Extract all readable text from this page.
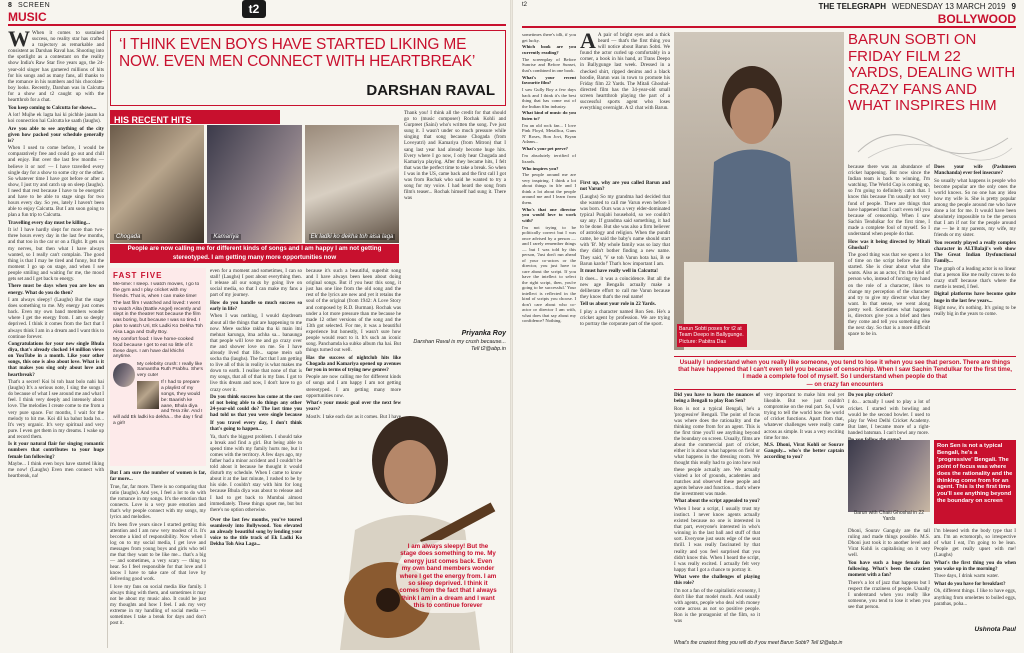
8 SCREEN
MUSIC
t2

W When it comes to sustained success, no reality star has crafted a trajectory as remarkable and consistent as Darshan Raval has. Shooting into the spotlight as a contestant on the reality show India's Raw Star five years ago, the 24-year-old singer has garnered millions of hits for his songs and as many fans, all thanks to the romance in his numbers and his chocolate-boy looks. Recently, Darshan was in Calcutta for a show and t2 caught up with the heartthrob for a chat.

You keep coming to Calcutta for shows...

A lot! Mujhe ek lagta hai ki pichhle janam ka koi connection hai Calcutta ke saath (laughs).

Are you able to see anything of the city given how packed your schedule generally is?

When I used to come before, I would be comparatively free and could go out and chill and enjoy. But over the last few months — believe it or not! — I have travelled every single day for a show to some city or the other. So whatever time I have got before or after a show, I just try and catch up on sleep (laughs). I need that rest because I have to be energetic and have to be able to stage sings for two hours every day. So yes, lately I haven't been able to enjoy Calcutta. But I am soon going to plan a fun trip to Calcutta.

Travelling every day must be killing...

It is! I have hardly slept for more than two-three hours every day in the last few months, and that too in the car or on a flight. It gets on my nerves, but then what I have always wanted, so I really can't complain. The good thing is that I may be tired and funny, but the moment I go up on stage, and when I see people smiling and waiting for me, the mood gets set and I get back to energy.

There must be days when you are low on energy. What do you do then?

I am always sleepy! (Laughs) But the stage does something to me. My energy just comes back. Even my own band members wonder where I get the energy from. I am so deeply deprived. I think it comes from the fact that I always think I am in a dream and I want this to continue forever.

Congratulations for your new single Bhula diya, that's already clocked 14 million views on YouTube in a month. Like your other songs, this one is also about love. What is it that makes you sing only about love and heartbreak?

That's a secret! Koi bi toh baat bolo nahi hai (laughs) It's a serious note, I sing the songs I do because of what I see around me and what I feel. I think very deeply and intensely about love. The melodies I create come to me from a very pure space. For months, I wait for the melody to hit me. Koi dil ka bahut bada ho... It's very organic. It's very spiritual and very pure. I even get them in my dreams. I wake up and record them.

Is it your natural flair for singing romantic numbers that contributes to your huge female fan following?

Maybe... I think even boys have started liking me now! (Laughs) Even men connect with heartbreak, na!

‘I THINK EVEN BOYS HAVE STARTED LIKING ME NOW. EVEN MEN CONNECT WITH HEARTBREAK’
DARSHAN RAVAL
HIS RECENT HITS
Chogada	Kamariya	Ek ladki ko dekha toh aisa laga
People are now calling me for different kinds of songs and I am happy I am not getting stereotyped. I am getting many more opportunities now

Thank you! I think all the credit for that should go to (music composer) Rochak Kohli and Gurpreet (Saini) who's written the song. I've just sung it. I wasn't under so much pressure while singing that song because Chogada (from Loveyatri) and Kamariya (from Mitron) that I sang last year had already become huge hits. Every where I go now, I only hear Chogada and Kamariya playing. After they became hits, I felt that was the perfect time to take a break. So when I was in the US, came back and the first call I got was from Rochak who said he wanted to try a song for my voice. I had heard the song from film's teaser... Rochak himself had sung it. There was

FAST FIVE

Me-time: I sleep. I watch movies, I go to the gym and I play cricket with my friends. That is, when I can make time!

The last film I watched and loved: I went to watch Alita (Battle Angel) recently and slept in the theatre! Not because the film was boring, but because I was so tired. I plan to watch Uri, Ek Ladki Ko Dekha Toh Aisa Laga and Gully Boy.

My comfort food: I love home-cooked food because I get to eat so little of it these days. I am have dal khichri anytime.

My celebrity crush: I really like Samantha Ruth Prabhu. She's very cute!

If I had to prepare a playlist of my songs, they would be: Baarish ke aane, Bhula diya and Tera zikr. And I will add Ek ladki ko dekha... the day I find a girl!

But I am sure the number of women is far, far more...

True, far, far more. There is no comparing that ratio (laughs). And yes, I feel a lot to do with the romance in my songs. It's the emotion that connects. Love is a very pure emotion and that's why people connect with my songs, my lyrics and melodies.

It's been five years since I started getting this attention and I am now very modest of it. It's become a kind of responsibility. Now when I log on to my social media, I get love and messages from young boys and girls who tell me that they want to be like me... that's a big — and sometimes, a very scary — thing to hear. So I feel responsible for that love and I know I have to take care of that love by delivering good work.

I love my fans on social media like family. I always thing with them, and sometimes it may not be about my music also. It could be just my thoughts and how I feel. I ask my very extreme in my handling of social media — sometimes I take a break for days and don't post it.

even for a moment and sometimes, I can so stall! (Laughs) I post about everything then. I release all our songs by going live on social media, so that I can make my fans a part of my journey.

How do you handle so much success so early in life?

When I was nothing, I would daydream about all the things that are happening to me now. Mere suchke rakha tha ki main itni mehnat karunga, itna achha sa... banaunga that people will love me and go crazy over me and shower love on me. So I have already lived that life... sapne mein sab socha tha (laughs). The fact that I am getting to live all of this in reality is what makes me down to earth. I realise that none of that is my songs, that all of that is my fans. I got to live this dream and now, I don't have to go crazy over it.

Do you think success has come at the cost of not being able to do things any other 24-year-old could do? The last time you had told us that you were single because

because it's such a beautiful, superhit song and I have always been keen about doing original songs. But if you hear this song, it just has one line from the old song and the rest of the lyrics are new and yet it retains the soul of the original (from 1942: A Love Story and composed by R.D. Burman). Rochak was under a lot more pressure than me because he made 12 other versions of the song and the 13th got selected. For me, it was a beautiful experience but honestly, I wasn't sure how people would react to it. It's such an iconic song. Panchamda ka subko album rha hai. But things turned out well.

Has the success of nightclub hits like Chogada and Kamariya opened up avenues for you in terms of trying new genres?

People are now calling me for different kinds of songs and I am happy I am not getting stereotyped. I am getting many more opportunities now.

What's your music goal over the next few years?

Mostly, I take each day as it comes. But I have

Priyanka Roy
Darshan Raval is my crush because... Tell t2@abp.in

If you travel every day, I don't think that's going to happen...

Ya, that's the biggest problem. I should take a break and find a girl. But being able to spend time with my family hurts me, but it comes with the territory. A few days ago, my father had a minor accident and I couldn't be told about it because he thought it would disturb my schedule. When I came to know about it at the last minute, I rushed to be by his side. I couldn't stay with him for long because Bhula diya was about to release and I had to get back to Mumbai almost immediately. These things upset me, but but there's no option otherwise.

Over the last few months, you've toured seamlessly into Bollywood. You elevated an already beautiful song by lending your voice to the title track of Ek Ladki Ko Dekha Toh Aisa Laga...	I am always sleepy! But the stage does something to me. My energy just comes back. Even my own band members wonder where I get the energy from. I am so sleep deprived. I think it comes from the fact that I always think I am in a dream and I want this to continue forever
t2	THE TELEGRAPH WEDNESDAY 13 MARCH 2019 9
BOLLYWOOD

A A pair of bright eyes and a thick beard — that's the first thing you will notice about Barun Sobti. We found the actor curled up comfortably in a corner, a book in his hand, at Trans Deepo in Ballygunge last week. Dressed in a checked shirt, ripped denims and a black hoodie, Barun was in town to promote his Friday film 22 Yards. The Mitali Ghoshal-directed film has the 34-year-old small screen heartthrob playing the part of a successful sports agent who loses everything overnight. A t2 chat with Barun.

First up, why are you called Barun and not Varun?

(Laughs) So my grandma had decided that she wanted to call me Varun even before I was born. Ours was a very elder-dominated typical Punjabi household, so we couldn't say any. If grandma said something, it had to be done. But she was also a firm believer of astrology and religion. When the pundit came, he said the baby's name should start with 'B'. My whole family was so lazy that they didn't bother finding a new name. They said, 'V se toh Varun hota hai, B se Barun kardo!' That's how important I am.

It must have really well in Calcutta!

It does... it was a coincidence. But all the new age Bengalis actually make a deliberate effort to call me Varun because they know that's the real name!

Tell us about your role in 22 Yards.

I play a character named Ron Sen. He's a cricket agent by profession. We are trying to portray the corporate part of the sport.

Did you have to learn the nuances of being a Bengali to play Ron Sen?

Ron is not a typical Bengali, he's a 'progressive' Bengali. The point of focus was where does the rationality and the thinking come from for an agent. This is the first time you'll see anything beyond the boundary on screen. Usually, films are about the commercial part of cricket, either it is about what happens on field or what happens in the dressing room. We thought this really had to go into how real these people actually are. We actually visited a lot of grounds, academies and matches and observed these people and agents behave and function... that's where the investment was made.

What about the script appealed to you?

When I hear a script, I usually trust my instinct. I never know agents actually existed because no one is interested in that part, everyone's interested in who's winning in the last ball and stuff of that sort. Everyone just seats edge of the seat thrill. I was really fascinated by that reality and you feel surprised that you didn't know this. When I heard the script, I was really excited. I actually felt very happy that I got a chance to portray it.

What were the challenges of playing this role?

I'm not a fan of the capitalistic economy, I don't like that model much. And usually with agents, people who deal with money come across as not so positive people. Ron is the protagonist of the film, so it was

Barun Sobti poses for t2 at Team Deepo in Ballygunge. Picture: Pabitra Das
BARUN SOBTI ON FRIDAY FILM 22 YARDS, DEALING WITH CRAZY FANS AND WHAT INSPIRES HIM

because there was an abundance of cricket happening. But now since the Indian team is back to winning, I'm watching. The World Cup is coming up, so I'm going to definitely catch that. I know this because I'm usually not very fond of people. There are things that have happened that I can't even tell you because of censorship. When I saw Sachin Tendulkar for the first time, I made a complete fool of myself. So I understand when people do that.

How was it being directed by Mitali Ghoshal?

The good thing was that we spent a lot of time on the script before the film started. She is clear about what she wants. Also as an actor, I'm the kind of person who, instead of forcing my hand on the role of a character, likes to change my perception of the character and try to give my director what they want. In that sense, we went along pretty well. Sometimes what happens is, directors give you a brief and then they come and tell you something else the next day. So that is a more difficult space to be in.

Does your wife (Pashmeen Manchanda) ever feel insecure?

So usually what happens is people who become popular are the only ones the world knows. So no one has any idea how my wife is. She is pretty popular among the people around me who have done a lot for me. It would have been absolutely impossible to be the person that I am if not for the people around me — be it my parents, my wife, my friends or my sister.

You recently played a really complex character in ALTBalaji's web show The Great Indian Dysfunctional Family...

The graph of a leading actor is so linear that a person like me really craves to do crazy stuff because that's where the mettle is tested, I feel.

Digital platforms have become quite huge in the last few years...

Right now, it's nothing. It's going to be really big in the years to come.

Usually I understand when you really like someone, you tend to lose it when you see that person. There are things that have happened that I can't even tell you because of censorship. When I saw Sachin Tendulkar for the first time, I made a complete fool of myself. So I understand when people do that
— on crazy fan encounters

very important to make him real yet likeable. But we just couldn't compromise on the real part. So, I was trying to tell the world how the world of cricket functions. Apart from that, whatever challenges were really came across as simple. It was a very exciting time for me.

M.S. Dhoni, Virat Kohli or Sourav Ganguly... who's the better captain according to you?

Do you play cricket?

I do... actually I used to play a lot of cricket. I started with bowling and would be the second bowler. I used to play for West Delhi Cricket Academy. But later, I became more of a right-handed batsman. I can't bowl any more.

Barun with Chaiti Ghoshal in 22 Yards
Ron Sen is not a typical Bengali, he's a 'progressive' Bengali. The point of focus was where does the rationality and the thinking come from for an agent. This is the first time you'll see anything beyond the boundary on screen

Dhoni, Sourav Ganguly are the tall ruling and made things possible. M.S. Dhoni just took it to another level and Virat Kohli is capitalising on it very well.

You have such a huge female fan following. What's been the craziest moment with a fan?

There's a lot of jazz that happens but I respect the craziness of people. Usually I understand when you really like someone, you tend to lose it when you see that person.

I'm blessed with the body type that I am. I'm an ectomorph, so irrespective of what I eat, I'm going to be lean. People get really upset with me! (Laughs)

What's the first thing you do when you wake up in the morning?

Thwe days, I drink warm water.

What do you have for breakfast?

Oh, different things. I like to have eggs, anything from omelettes to boiled eggs, parathas, poha...

sometimes there's idli, if you get lucky.

Which book are you currently reading?

The screenplay of Before Sunrise and Before Sunset, that's combined in one book.

What's your recent favourite film?

I saw Gully Boy a few days back and I think it's the best thing that has come out of the Indian film industry.

What kind of music do you listen to?

I'm an old rock fan... I love Pink Floyd, Metallica, Guns N' Roses, Bon Jovi, Bryan Adams...

What's your pet peeve?

I'm absolutely terrified of lizards.

Who inspires you?

The people around me are very inspiring. I think a lot about things in life and I think a lot about the people around me and I learn from them.

Who's that one director you would love to work with?

I'm not trying to be politically correct but I was once advised by a person — and I rarely remember things — but I was told by this person, 'Just don't run ahead of your co-actors or the director, you just have to care about the script. If you have the intellect to select the right script, then, you're going to be successful.' Your intellect is reflected in the kind of scripts you choose. I don't care about who co-actor or director I am with, what does that say about my confidence? Nothing.

Ushnota Paul
What's the craziest thing you will do if you meet Barun Sobti? Tell t2@abp.in
